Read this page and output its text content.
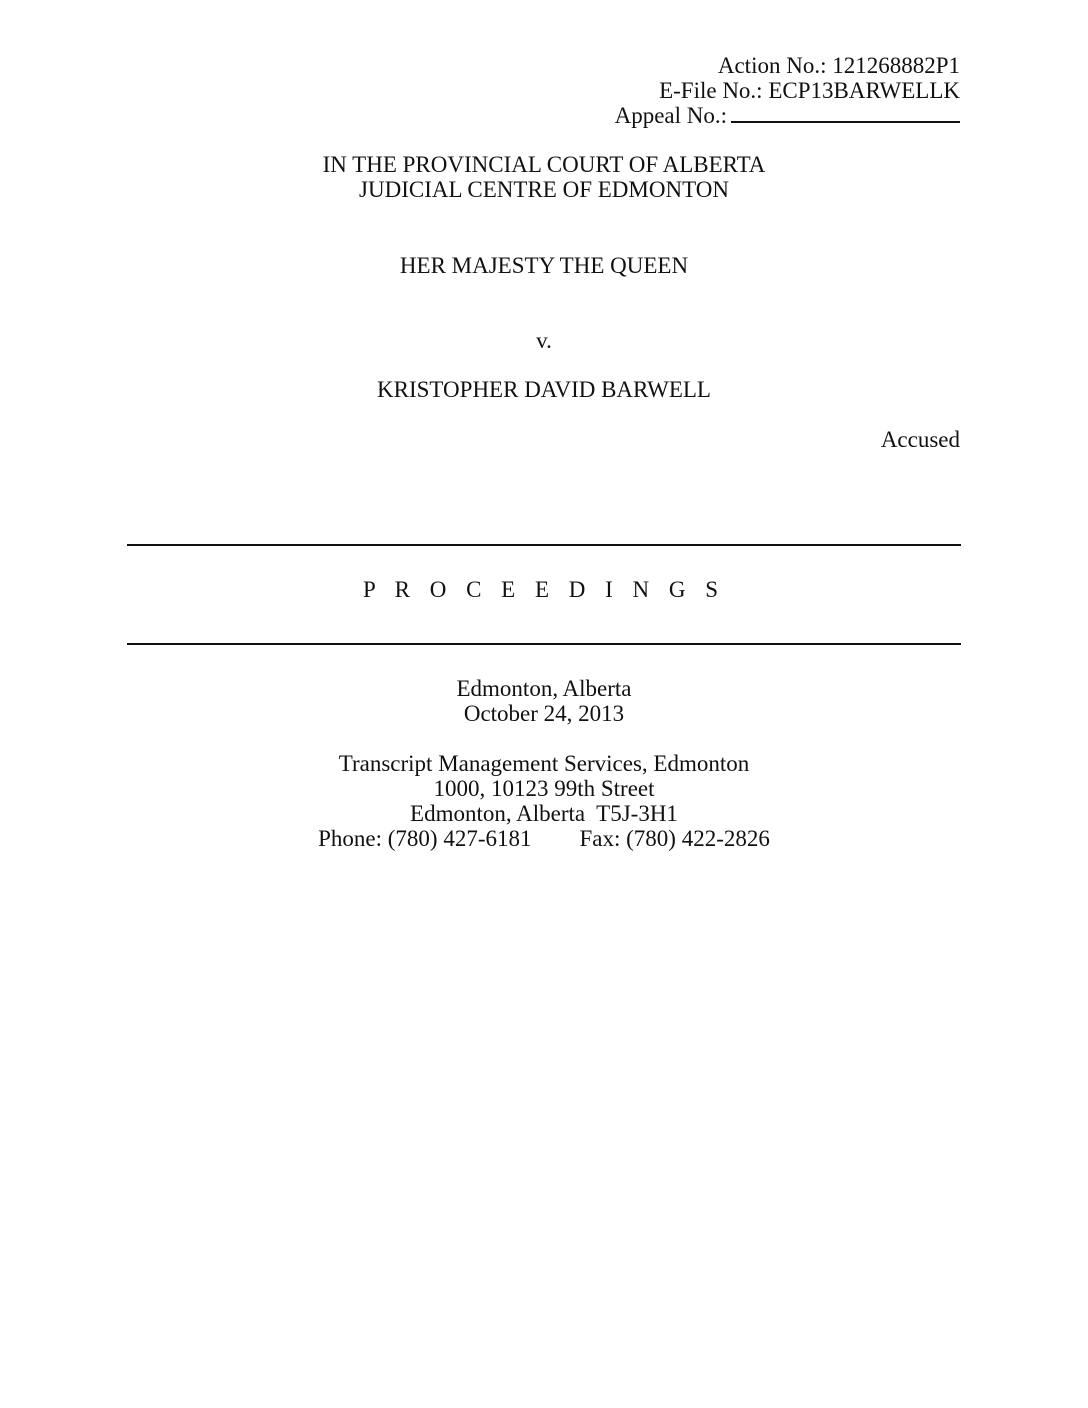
Action No.: 121268882P1
E-File No.: ECP13BARWELLK
Appeal No.:
IN THE PROVINCIAL COURT OF ALBERTA
JUDICIAL CENTRE OF EDMONTON
HER MAJESTY THE QUEEN
v.
KRISTOPHER DAVID BARWELL
Accused
P R O C E E D I N G S
Edmonton, Alberta
October 24, 2013
Transcript Management Services, Edmonton
1000, 10123 99th Street
Edmonton, Alberta  T5J-3H1
Phone: (780) 427-6181 Fax: (780) 422-2826
